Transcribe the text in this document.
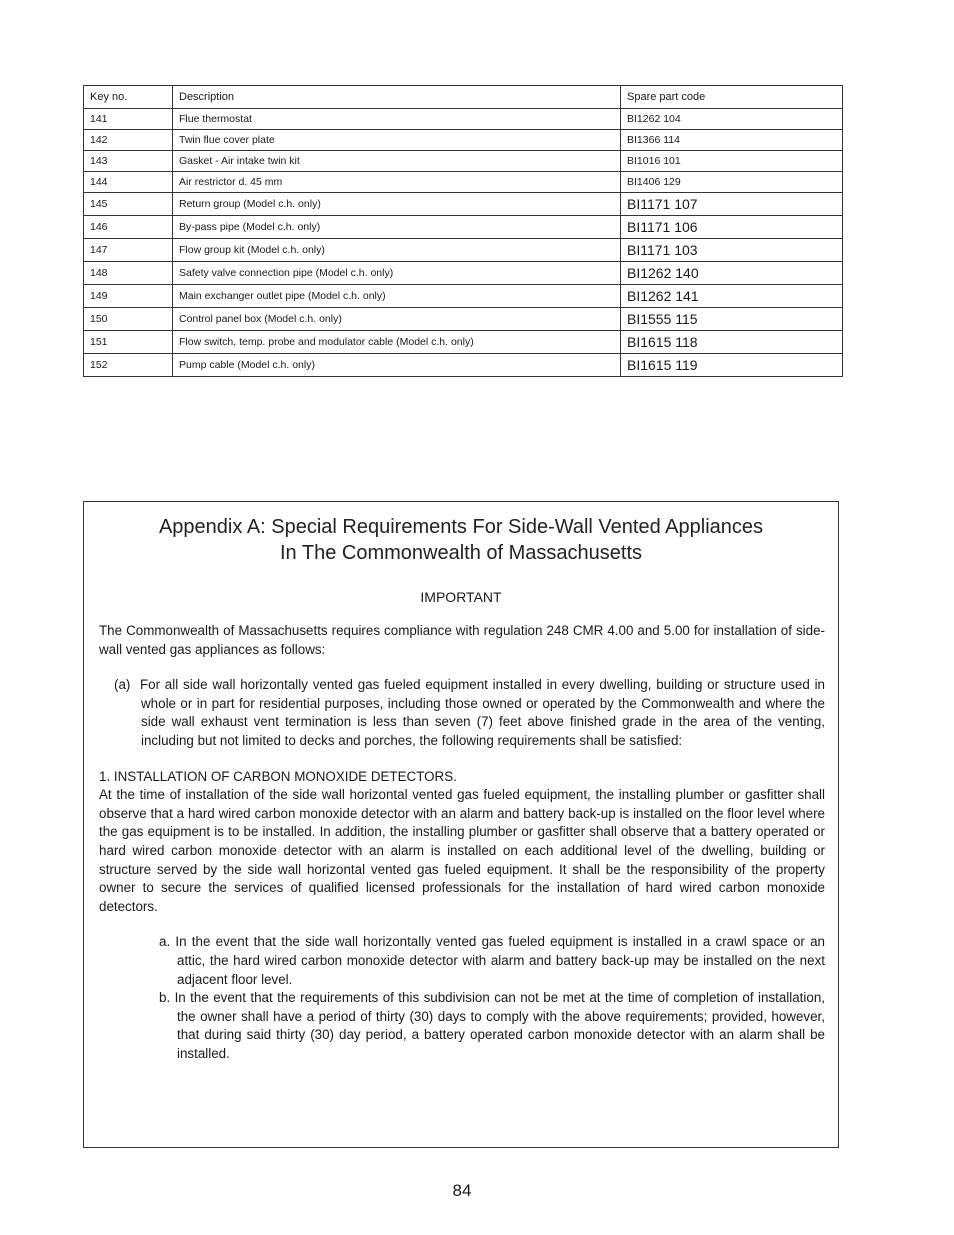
Key no.	Description	Spare part code
141	Flue thermostat	BI1262 104
142	Twin flue cover plate	BI1366 114
143	Gasket - Air intake twin kit	BI1016 101
144	Air restrictor d. 45 mm	BI1406 129
145	Return group (Model c.h. only)	BI1171 107
146	By-pass pipe (Model c.h. only)	BI1171 106
147	Flow group kit (Model c.h. only)	BI1171 103
148	Safety valve connection pipe (Model c.h. only)	BI1262 140
149	Main exchanger outlet pipe (Model c.h. only)	BI1262 141
150	Control panel box (Model c.h. only)	BI1555 115
151	Flow switch, temp. probe and modulator cable (Model c.h. only)	BI1615 118
152	Pump cable (Model c.h. only)	BI1615 119
Appendix A: Special Requirements For Side-Wall Vented Appliances
In The Commonwealth of Massachusetts
IMPORTANT

The Commonwealth of Massachusetts requires compliance with regulation 248 CMR 4.00 and 5.00 for installation of side-wall vented gas appliances as follows:

(a)  For all side wall horizontally vented gas fueled equipment installed in every dwelling, building or structure used in whole or in part for residential purposes, including those owned or operated by the Commonwealth and where the side wall exhaust vent termination is less than seven (7) feet above finished grade in the area of the venting, including but not limited to decks and porches, the following requirements shall be satisfied:

1. INSTALLATION OF CARBON MONOXIDE DETECTORS.

At the time of installation of the side wall horizontal vented gas fueled equipment, the installing plumber or gasfitter shall observe that a hard wired carbon monoxide detector with an alarm and battery back-up is installed on the floor level where the gas equipment is to be installed. In addition, the installing plumber or gasfitter shall observe that a battery operated or hard wired carbon monoxide detector with an alarm is installed on each additional level of the dwelling, building or structure served by the side wall horizontal vented gas fueled equipment. It shall be the responsibility of the property owner to secure the services of qualified licensed professionals for the installation of hard wired carbon monoxide detectors.

a. In the event that the side wall horizontally vented gas fueled equipment is installed in a crawl space or an attic, the hard wired carbon monoxide detector with alarm and battery back-up may be installed on the next adjacent floor level.

b. In the event that the requirements of this subdivision can not be met at the time of completion of installation, the owner shall have a period of thirty (30) days to comply with the above requirements; provided, however, that during said thirty (30) day period, a battery operated carbon monoxide detector with an alarm shall be installed.

84
